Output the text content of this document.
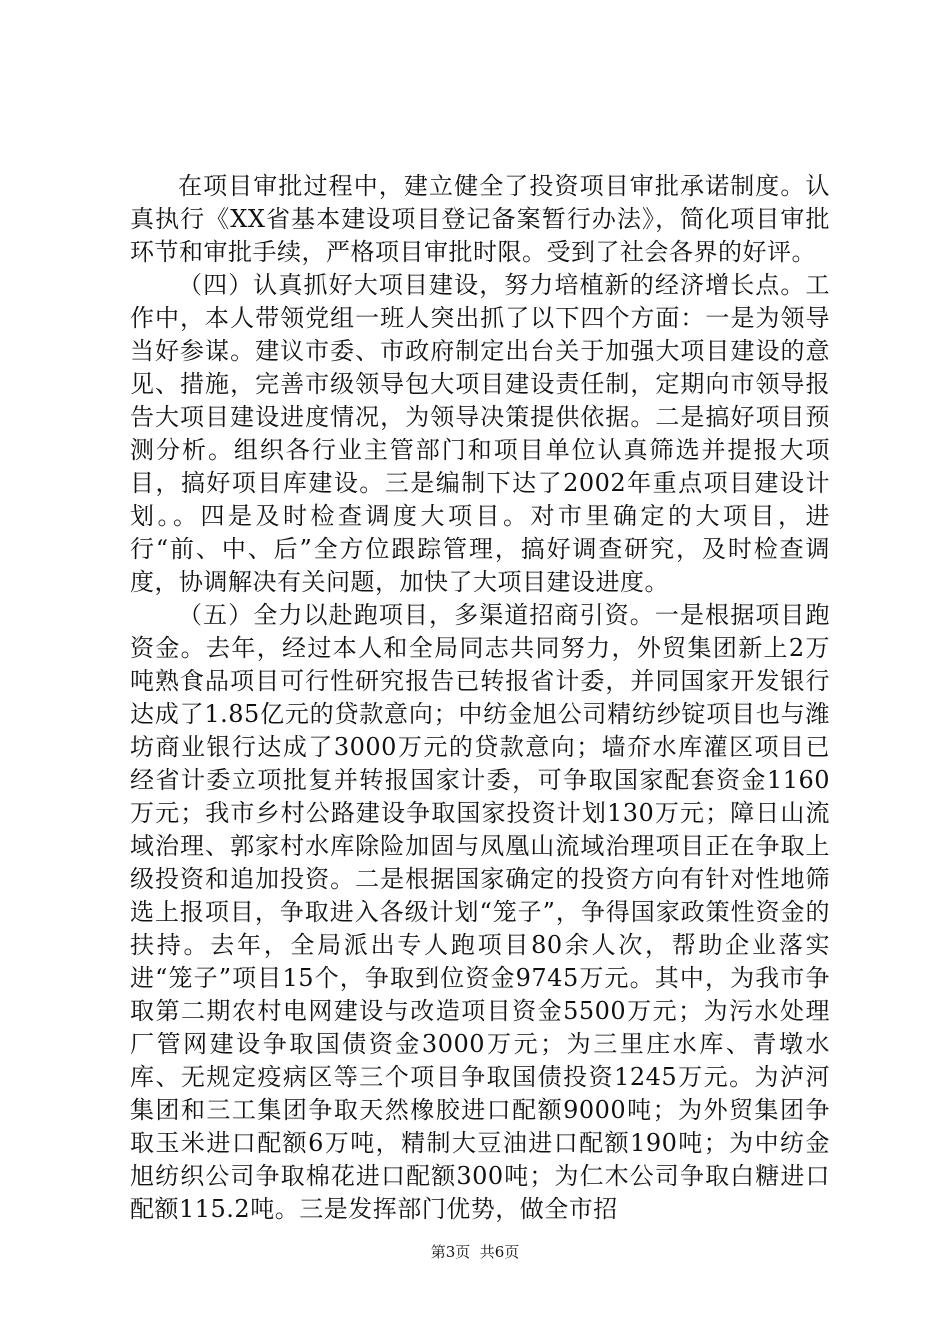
在项目审批过程中，建立健全了投资项目审批承诺制度。认真执行《XX省基本建设项目登记备案暂行办法》，简化项目审批环节和审批手续，严格项目审批时限。受到了社会各界的好评。

（四）认真抓好大项目建设，努力培植新的经济增长点。工作中，本人带领党组一班人突出抓了以下四个方面：一是为领导当好参谋。建议市委、市政府制定出台关于加强大项目建设的意见、措施，完善市级领导包大项目建设责任制，定期向市领导报告大项目建设进度情况，为领导决策提供依据。二是搞好项目预测分析。组织各行业主管部门和项目单位认真筛选并提报大项目，搞好项目库建设。三是编制下达了2002年重点项目建设计划。。四是及时检查调度大项目。对市里确定的大项目，进行“前、中、后”全方位跟踪管理，搞好调查研究，及时检查调度，协调解决有关问题，加快了大项目建设进度。

（五）全力以赴跑项目，多渠道招商引资。一是根据项目跑资金。去年，经过本人和全局同志共同努力，外贸集团新上2万吨熟食品项目可行性研究报告已转报省计委，并同国家开发银行达成了1.85亿元的贷款意向；中纺金旭公司精纺纱锭项目也与潍坊商业银行达成了3000万元的贷款意向；墙夼水库灌区项目已经省计委立项批复并转报国家计委，可争取国家配套资金1160万元；我市乡村公路建设争取国家投资计划130万元；障日山流域治理、郭家村水库除险加固与凤凰山流域治理项目正在争取上级投资和追加投资。二是根据国家确定的投资方向有针对性地筛选上报项目，争取进入各级计划“笼子”，争得国家政策性资金的扶持。去年，全局派出专人跑项目80余人次，帮助企业落实进“笼子”项目15个，争取到位资金9745万元。其中，为我市争取第二期农村电网建设与改造项目资金5500万元；为污水处理厂管网建设争取国债资金3000万元；为三里庄水库、青墩水库、无规定疫病区等三个项目争取国债投资1245万元。为泸河集团和三工集团争取天然橡胶进口配额9000吨；为外贸集团争取玉米进口配额6万吨，精制大豆油进口配额190吨；为中纺金旭纺织公司争取棉花进口配额300吨；为仁木公司争取白糖进口配额115.2吨。三是发挥部门优势，做全市招

第3页  共6页
